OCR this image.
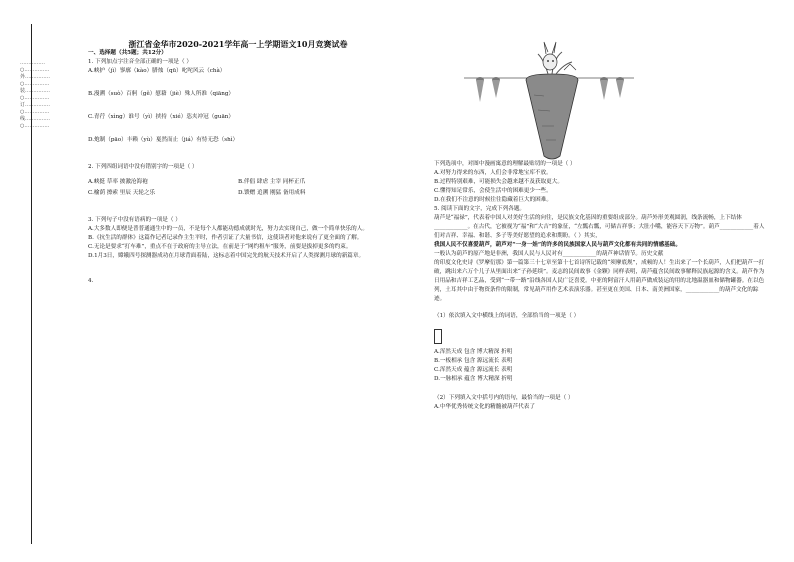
……………○……………外……………○……………装……………○……………订……………○……………线……………○……………

浙江省金华市2020-2021学年高一上学期语文10月竞赛试卷

一、选择题（共5题；共12分）

1. 下列加点字注音全部正确的一项是（ ）

A.峡护（jì）寥廓（kào）腊烛（qū）叱咤风云（chà）

B.漫溯（suò）百舸（gě）慰藉（jiè）殊人所准（qiāng）

C.青荇（xìng）谁号（yì）挟持（xié）恣夹冲冠（guān）

D.炮制（pāo）丰赖（yù）戛然而止（jiá）有恃无恐（shì）

2. 下列四组词语中没有错别字的一项是（ ）

A.峡挺 草率 披激沧海袍	B.伴倡 肆虐 主宰 同杯正爪
C.榆荫 擦索 里辰 天轮之乐	D.馈赠 追溯 刚猛 备用成料

3. 下列句子中没有语病的一项是（ ）

A.大多数人即便是普普通通生中的一员，不是每个人都能功德成就时光，努力去实现自己，做一个简单快乐的人。

B.《抗生活的群体》这篇作记者记录作主生平时，作者引证了大量书信，这使读者对他来说有了更全面的了解。

C.无论是要求“打车难”，重点不在于政府的主导立法，在前是于“网约租车”服务，前要是拔掉更多的约束。

D.1月3日，嫦娥四号探测器成功在月球背面着陆，这标志着中国完先的航天技术开启了人类探测月球的新篇章。

4.

下列选项中，对图中漫画寓意的理解最贴切的一项是（ ）

A.对努力得来的东西，人们会非常地宝库不放。

B.过程特别艰难，可能损失会越来越不及获取更大。

C.懂得知足常乐，会使生活中的困难更少一些。

D.在我们不注意的时候往往隐藏着巨大的困难。

5. 阅读下面的文字，完成下列各题。

葫芦是“福禄”，代表着中国人对美好生活的向往，是民族文化基因的重要组成部分。葫芦外形美观圆润，线条流畅，上下结体____________。在古代，它被视为“福”和“大吉”的象征，“左瓢右瓢，可储吉祥事；大肚小嘴，能容天下万物”。葫芦____________着人们对吉祥、幸福、和谐、多子等美好愿望的追求和期盼。（ ）其实，

我国人民不仅喜爱葫芦，葫芦对“一身一娃”的许多的民族国家人民与葫芦文化都有共同的情感基础。

一般认为葫芦的原产地是非洲，我国人民与人民对有____________的葫芦神话情节。历史文献

的印度文化史诗《罗摩衍那》第一篇第三十七章至第十七首诗所记载的“须摩底规”，成顿的人！生出来了一个长葫芦，人们把葫芦一打破，跳出来六万个儿子从里面出来“子孙延续”。麦志的民间故事《金颗》同样表明，葫芦蕴含民间故事解释民族起源的含义。葫芦作为日用品和吉祥工艺品，受到“一带一路”沿线各国人民广泛喜爱。中亚的阿富汗人用葫芦做成装运的用的北地温器皿和储物罐器。在以色列，土耳其中由于物资条件的限制，常见葫芦用作艺术表演乐器。甚至更在美国、日本、南美洲国家，____________的葫芦文化的踪迹。

（1）依次填入文中横线上的词语，全部恰当的一项是（ ）

A.浑然天成 包含 博大精深 折明

B.一板相承 包含 源远流长 表明

C.浑然天成 蕴含 源远流长 表明

D.一脉相承 蕴含 博大精深 折明

（2）下列填入文中括号内的语句，最恰当的一项是（ ）

A.中华优秀传统文化的精髓被葫芦代表了
